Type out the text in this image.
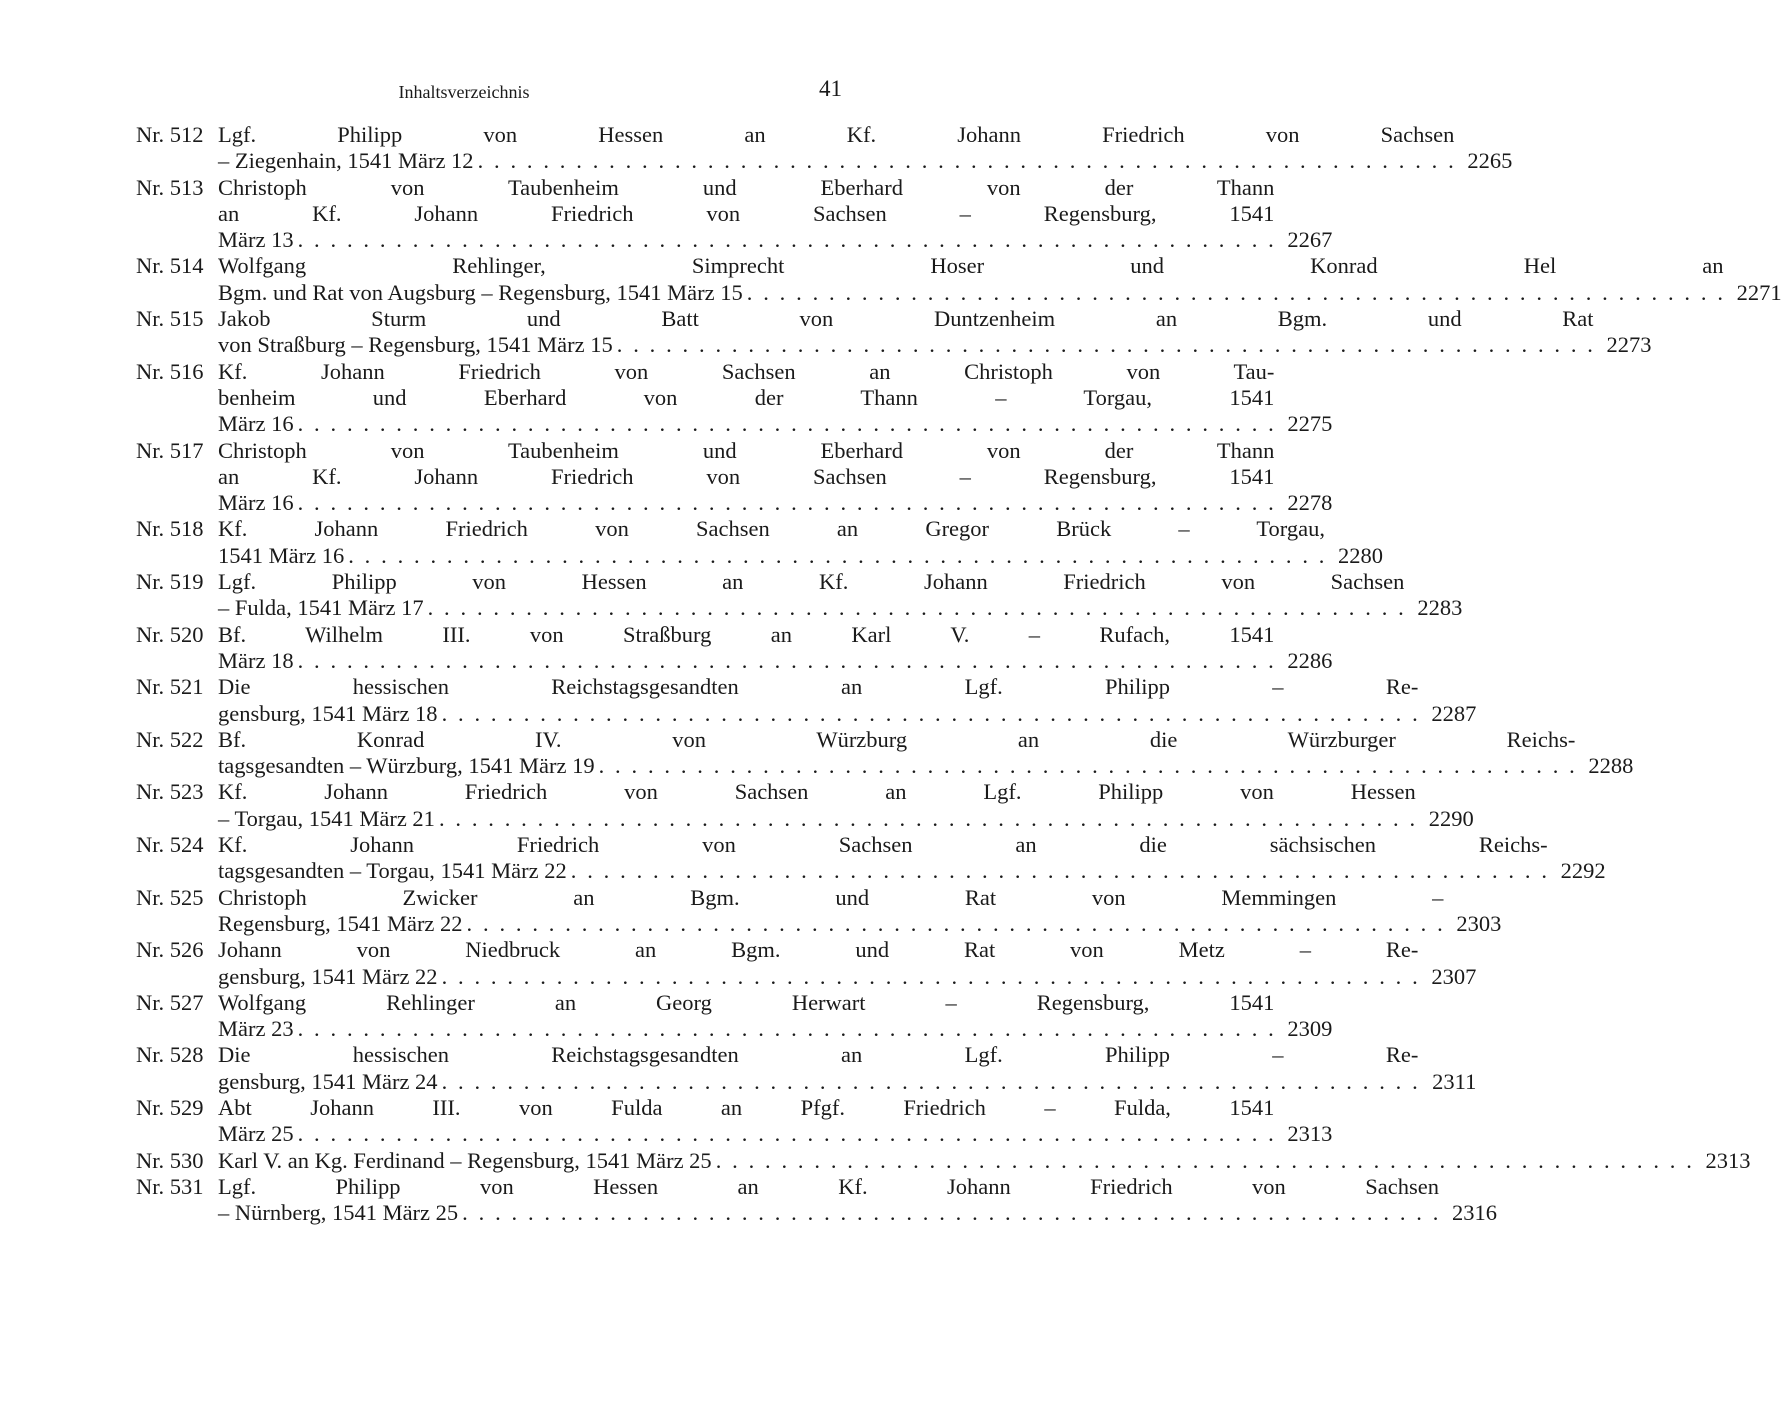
Inhaltsverzeichnis	41
Nr. 512 Lgf. Philipp von Hessen an Kf. Johann Friedrich von Sachsen
– Ziegenhain, 1541 März 12 . . . . . . . . . . . . . . . . . . . . . . . . . . . . . . . . . . . . . . . . . . . . . . . . . . . . . . . . . . . . 2265
Nr. 513 Christoph von Taubenheim und Eberhard von der Thann
an Kf. Johann Friedrich von Sachsen – Regensburg, 1541
März 13 . . . . . . . . . . . . . . . . . . . . . . . . . . . . . . . . . . . . . . . . . . . . . . . . . . . . . . . . . . . . 2267
Nr. 514 Wolfgang Rehlinger, Simprecht Hoser und Konrad Hel an
Bgm. und Rat von Augsburg – Regensburg, 1541 März 15 . . . . . . . . . . . . . . . . . . . . . . . . . . . . . . . . . . . . . . . . . . . . . . . . . . . . . . . . . . . . 2271
Nr. 515 Jakob Sturm und Batt von Duntzenheim an Bgm. und Rat
von Straßburg – Regensburg, 1541 März 15 . . . . . . . . . . . . . . . . . . . . . . . . . . . . . . . . . . . . . . . . . . . . . . . . . . . . . . . . . . . . 2273
Nr. 516 Kf. Johann Friedrich von Sachsen an Christoph von Tau-
benheim und Eberhard von der Thann – Torgau, 1541
März 16 . . . . . . . . . . . . . . . . . . . . . . . . . . . . . . . . . . . . . . . . . . . . . . . . . . . . . . . . . . . . 2275
Nr. 517 Christoph von Taubenheim und Eberhard von der Thann
an Kf. Johann Friedrich von Sachsen – Regensburg, 1541
März 16 . . . . . . . . . . . . . . . . . . . . . . . . . . . . . . . . . . . . . . . . . . . . . . . . . . . . . . . . . . . . 2278
Nr. 518 Kf. Johann Friedrich von Sachsen an Gregor Brück – Torgau,
1541 März 16 . . . . . . . . . . . . . . . . . . . . . . . . . . . . . . . . . . . . . . . . . . . . . . . . . . . . . . . . . . . . 2280
Nr. 519 Lgf. Philipp von Hessen an Kf. Johann Friedrich von Sachsen
– Fulda, 1541 März 17 . . . . . . . . . . . . . . . . . . . . . . . . . . . . . . . . . . . . . . . . . . . . . . . . . . . . . . . . . . . . 2283
Nr. 520 Bf. Wilhelm III. von Straßburg an Karl V. – Rufach, 1541
März 18 . . . . . . . . . . . . . . . . . . . . . . . . . . . . . . . . . . . . . . . . . . . . . . . . . . . . . . . . . . . . 2286
Nr. 521 Die hessischen Reichstagsgesandten an Lgf. Philipp – Re-
gensburg, 1541 März 18 . . . . . . . . . . . . . . . . . . . . . . . . . . . . . . . . . . . . . . . . . . . . . . . . . . . . . . . . . . . . 2287
Nr. 522 Bf. Konrad IV. von Würzburg an die Würzburger Reichs-
tagsgesandten – Würzburg, 1541 März 19 . . . . . . . . . . . . . . . . . . . . . . . . . . . . . . . . . . . . . . . . . . . . . . . . . . . . . . . . . . . . 2288
Nr. 523 Kf. Johann Friedrich von Sachsen an Lgf. Philipp von Hessen
– Torgau, 1541 März 21 . . . . . . . . . . . . . . . . . . . . . . . . . . . . . . . . . . . . . . . . . . . . . . . . . . . . . . . . . . . . 2290
Nr. 524 Kf. Johann Friedrich von Sachsen an die sächsischen Reichs-
tagsgesandten – Torgau, 1541 März 22 . . . . . . . . . . . . . . . . . . . . . . . . . . . . . . . . . . . . . . . . . . . . . . . . . . . . . . . . . . . . 2292
Nr. 525 Christoph Zwicker an Bgm. und Rat von Memmingen –
Regensburg, 1541 März 22 . . . . . . . . . . . . . . . . . . . . . . . . . . . . . . . . . . . . . . . . . . . . . . . . . . . . . . . . . . . . 2303
Nr. 526 Johann von Niedbruck an Bgm. und Rat von Metz – Re-
gensburg, 1541 März 22 . . . . . . . . . . . . . . . . . . . . . . . . . . . . . . . . . . . . . . . . . . . . . . . . . . . . . . . . . . . . 2307
Nr. 527 Wolfgang Rehlinger an Georg Herwart – Regensburg, 1541
März 23 . . . . . . . . . . . . . . . . . . . . . . . . . . . . . . . . . . . . . . . . . . . . . . . . . . . . . . . . . . . . 2309
Nr. 528 Die hessischen Reichstagsgesandten an Lgf. Philipp – Re-
gensburg, 1541 März 24 . . . . . . . . . . . . . . . . . . . . . . . . . . . . . . . . . . . . . . . . . . . . . . . . . . . . . . . . . . . . 2311
Nr. 529 Abt Johann III. von Fulda an Pfgf. Friedrich – Fulda, 1541
März 25 . . . . . . . . . . . . . . . . . . . . . . . . . . . . . . . . . . . . . . . . . . . . . . . . . . . . . . . . . . . . 2313
Nr. 530 Karl V. an Kg. Ferdinand – Regensburg, 1541 März 25 . . . . . . . . . . . . . . . . . . . . . . . . . . . . . . . . . . . . . . . . . . . . . . . . . . . . . . . . . . . . 2313
Nr. 531 Lgf. Philipp von Hessen an Kf. Johann Friedrich von Sachsen
– Nürnberg, 1541 März 25 . . . . . . . . . . . . . . . . . . . . . . . . . . . . . . . . . . . . . . . . . . . . . . . . . . . . . . . . . . . . 2316
